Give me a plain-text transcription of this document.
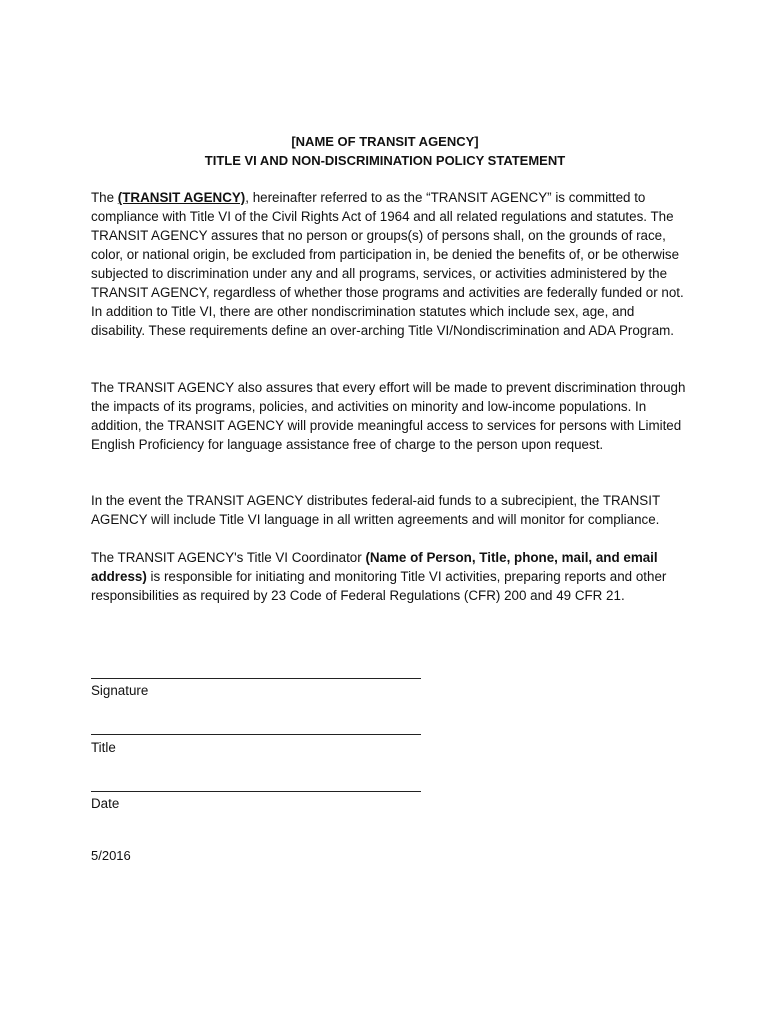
[NAME OF TRANSIT AGENCY]
TITLE VI AND NON-DISCRIMINATION POLICY STATEMENT

The (TRANSIT AGENCY), hereinafter referred to as the “TRANSIT AGENCY” is committed to compliance with Title VI of the Civil Rights Act of 1964 and all related regulations and statutes. The TRANSIT AGENCY assures that no person or groups(s) of persons shall, on the grounds of race, color, or national origin, be excluded from participation in, be denied the benefits of, or be otherwise subjected to discrimination under any and all programs, services, or activities administered by the TRANSIT AGENCY, regardless of whether those programs and activities are federally funded or not. In addition to Title VI, there are other nondiscrimination statutes which include sex, age, and disability. These requirements define an over-arching Title VI/Nondiscrimination and ADA Program.

The TRANSIT AGENCY also assures that every effort will be made to prevent discrimination through the impacts of its programs, policies, and activities on minority and low-income populations. In addition, the TRANSIT AGENCY will provide meaningful access to services for persons with Limited English Proficiency for language assistance free of charge to the person upon request.

In the event the TRANSIT AGENCY distributes federal-aid funds to a subrecipient, the TRANSIT AGENCY will include Title VI language in all written agreements and will monitor for compliance.

The TRANSIT AGENCY's Title VI Coordinator (Name of Person, Title, phone, mail, and email address) is responsible for initiating and monitoring Title VI activities, preparing reports and other responsibilities as required by 23 Code of Federal Regulations (CFR) 200 and 49 CFR 21.

Signature
Title
Date
5/2016
